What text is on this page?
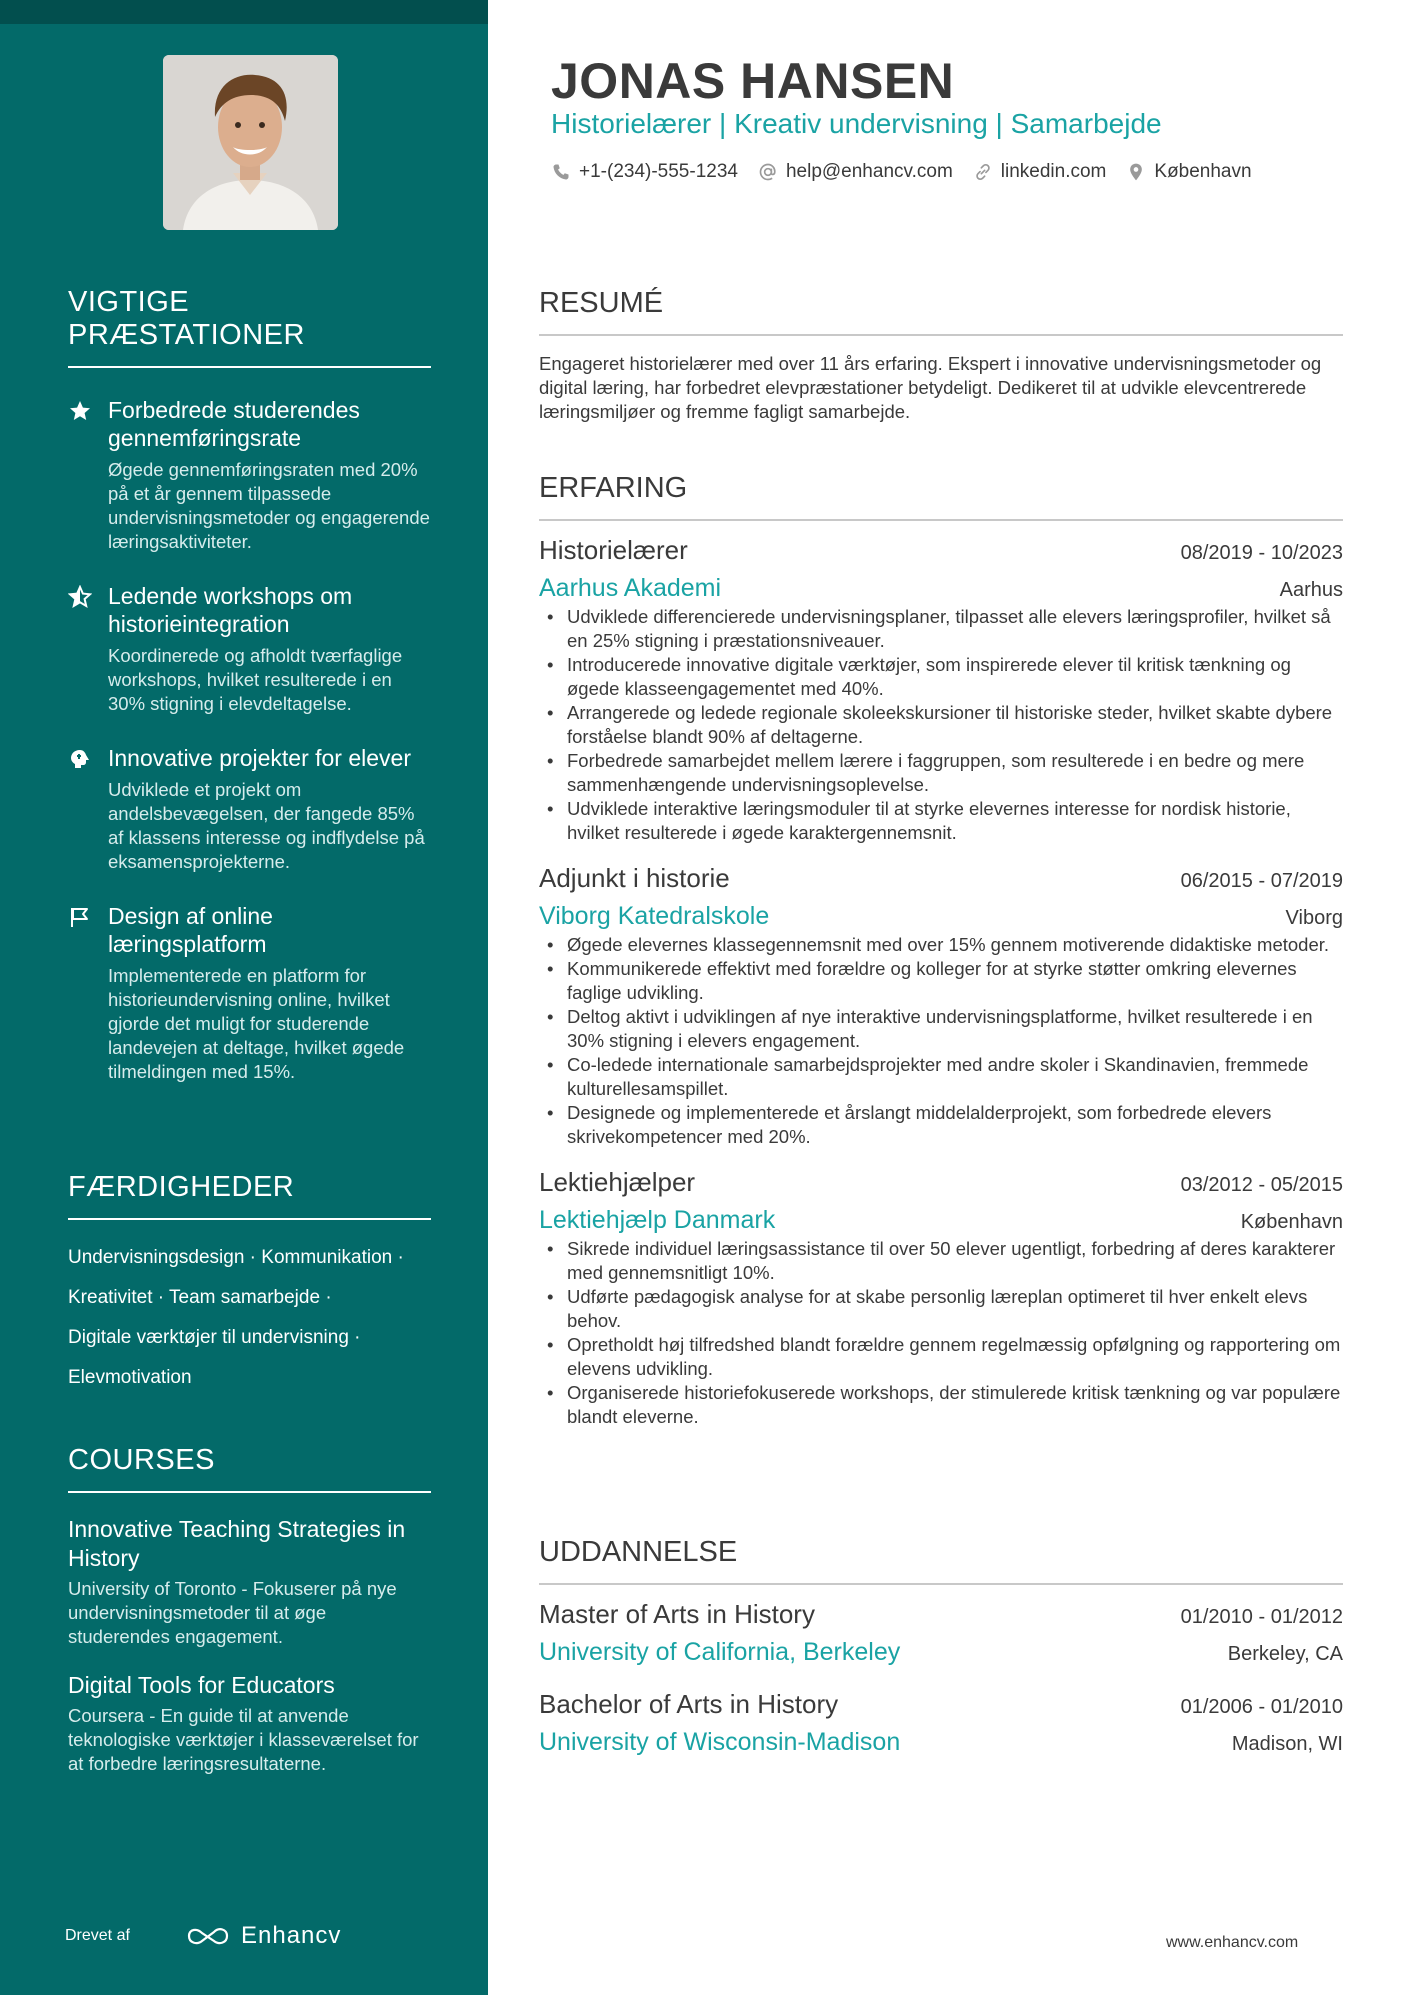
VIGTIGE PRÆSTATIONER
Forbedrede studerendes gennemføringsrate
Øgede gennemføringsraten med 20% på et år gennem tilpassede undervisningsmetoder og engagerende læringsaktiviteter.
Ledende workshops om historieintegration
Koordinerede og afholdt tværfaglige workshops, hvilket resulterede i en 30% stigning i elevdeltagelse.
Innovative projekter for elever
Udviklede et projekt om andelsbevægelsen, der fangede 85% af klassens interesse og indflydelse på eksamensprojekterne.
Design af online læringsplatform
Implementerede en platform for historieundervisning online, hvilket gjorde det muligt for studerende landevejen at deltage, hvilket øgede tilmeldingen med 15%.
FÆRDIGHEDER
Undervisningsdesign · Kommunikation ·
Kreativitet · Team samarbejde ·
Digitale værktøjer til undervisning ·
Elevmotivation
COURSES
Innovative Teaching Strategies in History
University of Toronto - Fokuserer på nye undervisningsmetoder til at øge studerendes engagement.
Digital Tools for Educators
Coursera - En guide til at anvende teknologiske værktøjer i klasseværelset for at forbedre læringsresultaterne.
Drevet af	Enhancv
JONAS HANSEN
Historielærer | Kreativ undervisning | Samarbejde
+1-(234)-555-1234	help@enhancv.com	linkedin.com	København
RESUMÉ
Engageret historielærer med over 11 års erfaring. Ekspert i innovative undervisningsmetoder og digital læring, har forbedret elevpræstationer betydeligt. Dedikeret til at udvikle elevcentrerede læringsmiljøer og fremme fagligt samarbejde.
ERFARING
Historielærer	08/2019 - 10/2023
Aarhus Akademi	Aarhus
• Udviklede differencierede undervisningsplaner, tilpasset alle elevers læringsprofiler, hvilket så en 25% stigning i præstationsniveauer.
• Introducerede innovative digitale værktøjer, som inspirerede elever til kritisk tænkning og øgede klasseengagementet med 40%.
• Arrangerede og ledede regionale skoleekskursioner til historiske steder, hvilket skabte dybere forståelse blandt 90% af deltagerne.
• Forbedrede samarbejdet mellem lærere i faggruppen, som resulterede i en bedre og mere sammenhængende undervisningsoplevelse.
• Udviklede interaktive læringsmoduler til at styrke elevernes interesse for nordisk historie, hvilket resulterede i øgede karaktergennemsnit.
Adjunkt i historie	06/2015 - 07/2019
Viborg Katedralskole	Viborg
• Øgede elevernes klassegennemsnit med over 15% gennem motiverende didaktiske metoder.
• Kommunikerede effektivt med forældre og kolleger for at styrke støtter omkring elevernes faglige udvikling.
• Deltog aktivt i udviklingen af nye interaktive undervisningsplatforme, hvilket resulterede i en 30% stigning i elevers engagement.
• Co-ledede internationale samarbejdsprojekter med andre skoler i Skandinavien, fremmede kulturellesamspillet.
• Designede og implementerede et årslangt middelalderprojekt, som forbedrede elevers skrivekompetencer med 20%.
Lektiehjælper	03/2012 - 05/2015
Lektiehjælp Danmark	København
• Sikrede individuel læringsassistance til over 50 elever ugentligt, forbedring af deres karakterer med gennemsnitligt 10%.
• Udførte pædagogisk analyse for at skabe personlig læreplan optimeret til hver enkelt elevs behov.
• Opretholdt høj tilfredshed blandt forældre gennem regelmæssig opfølgning og rapportering om elevens udvikling.
• Organiserede historiefokuserede workshops, der stimulerede kritisk tænkning og var populære blandt eleverne.
UDDANNELSE
Master of Arts in History	01/2010 - 01/2012
University of California, Berkeley	Berkeley, CA
Bachelor of Arts in History	01/2006 - 01/2010
University of Wisconsin-Madison	Madison, WI
www.enhancv.com
